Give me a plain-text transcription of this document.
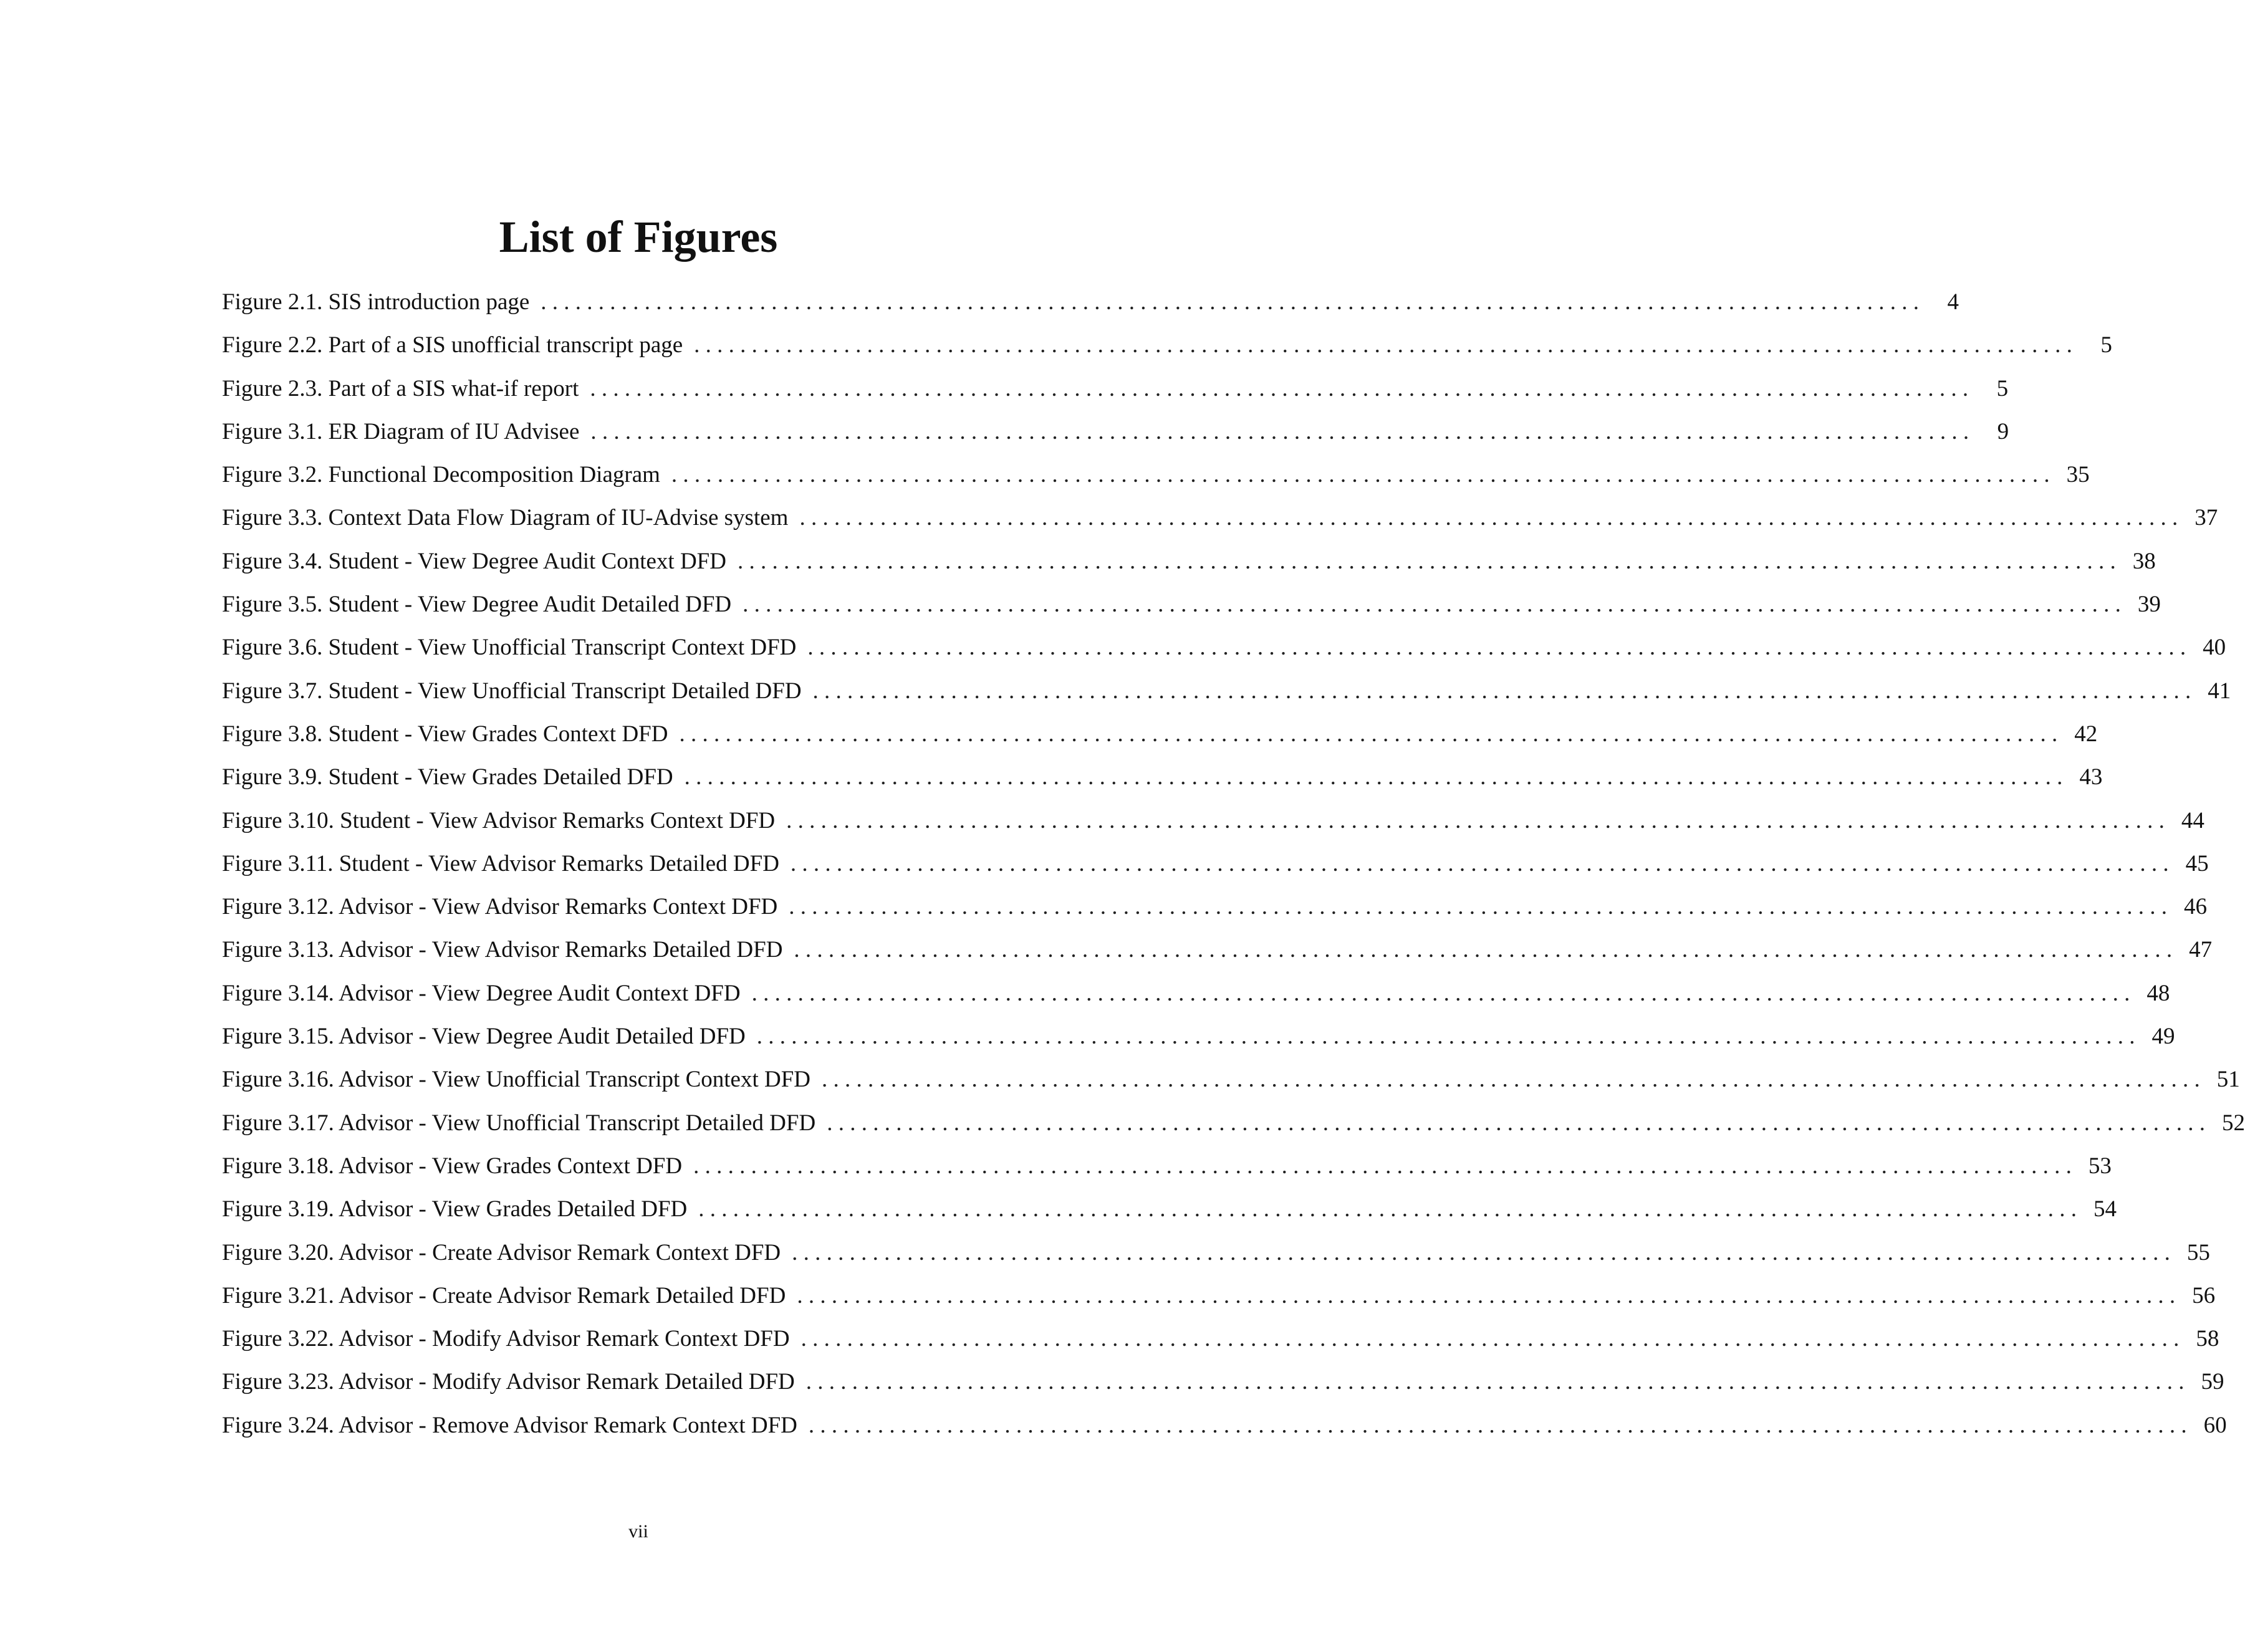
List of Figures
Figure 2.1. SIS introduction page . . . . . . . . . . . . . . . . . . . . . . . . . . . . . . . . . . . . . . . . . . . . . . . . . . . . . . . . . . . . . . . . . . . . . . . . . . . . . . . . . . . . . . . . . . . . . . . . . . . . . . . . . . . . . . . . . . . . . . . .	4
Figure 2.2. Part of a SIS unofficial transcript page . . . . . . . . . . . . . . . . . . . . . . . . . . . . . . . . . . . . . . . . . . . . . . . . . . . . . . . . . . . . . . . . . . . . . . . . . . . . . . . . . . . . . . . . . . . . . . . . . . . . . . . . . . . . . . . . . . . . . . . .	5
Figure 2.3. Part of a SIS what-if report . . . . . . . . . . . . . . . . . . . . . . . . . . . . . . . . . . . . . . . . . . . . . . . . . . . . . . . . . . . . . . . . . . . . . . . . . . . . . . . . . . . . . . . . . . . . . . . . . . . . . . . . . . . . . . . . . . . . . . . .	5
Figure 3.1. ER Diagram of IU Advisee . . . . . . . . . . . . . . . . . . . . . . . . . . . . . . . . . . . . . . . . . . . . . . . . . . . . . . . . . . . . . . . . . . . . . . . . . . . . . . . . . . . . . . . . . . . . . . . . . . . . . . . . . . . . . . . . . . . . . . . .	9
Figure 3.2. Functional Decomposition Diagram . . . . . . . . . . . . . . . . . . . . . . . . . . . . . . . . . . . . . . . . . . . . . . . . . . . . . . . . . . . . . . . . . . . . . . . . . . . . . . . . . . . . . . . . . . . . . . . . . . . . . . . . . . . . . . . . . . . . . . . . 35
Figure 3.3. Context Data Flow Diagram of IU-Advise system . . . . . . . . . . . . . . . . . . . . . . . . . . . . . . . . . . . . . . . . . . . . . . . . . . . . . . . . . . . . . . . . . . . . . . . . . . . . . . . . . . . . . . . . . . . . . . . . . . . . . . . . . . . . . . . . . . . . . . . . 37
Figure 3.4. Student - View Degree Audit Context DFD . . . . . . . . . . . . . . . . . . . . . . . . . . . . . . . . . . . . . . . . . . . . . . . . . . . . . . . . . . . . . . . . . . . . . . . . . . . . . . . . . . . . . . . . . . . . . . . . . . . . . . . . . . . . . . . . . . . . . . . . 38
Figure 3.5. Student - View Degree Audit Detailed DFD . . . . . . . . . . . . . . . . . . . . . . . . . . . . . . . . . . . . . . . . . . . . . . . . . . . . . . . . . . . . . . . . . . . . . . . . . . . . . . . . . . . . . . . . . . . . . . . . . . . . . . . . . . . . . . . . . . . . . . . . 39
Figure 3.6. Student - View Unofficial Transcript Context DFD . . . . . . . . . . . . . . . . . . . . . . . . . . . . . . . . . . . . . . . . . . . . . . . . . . . . . . . . . . . . . . . . . . . . . . . . . . . . . . . . . . . . . . . . . . . . . . . . . . . . . . . . . . . . . . . . . . . . . . . . 40
Figure 3.7. Student - View Unofficial Transcript Detailed DFD . . . . . . . . . . . . . . . . . . . . . . . . . . . . . . . . . . . . . . . . . . . . . . . . . . . . . . . . . . . . . . . . . . . . . . . . . . . . . . . . . . . . . . . . . . . . . . . . . . . . . . . . . . . . . . . . . . . . . . . . 41
Figure 3.8. Student - View Grades Context DFD . . . . . . . . . . . . . . . . . . . . . . . . . . . . . . . . . . . . . . . . . . . . . . . . . . . . . . . . . . . . . . . . . . . . . . . . . . . . . . . . . . . . . . . . . . . . . . . . . . . . . . . . . . . . . . . . . . . . . . . . 42
Figure 3.9. Student - View Grades Detailed DFD . . . . . . . . . . . . . . . . . . . . . . . . . . . . . . . . . . . . . . . . . . . . . . . . . . . . . . . . . . . . . . . . . . . . . . . . . . . . . . . . . . . . . . . . . . . . . . . . . . . . . . . . . . . . . . . . . . . . . . . . 43
Figure 3.10. Student - View Advisor Remarks Context DFD . . . . . . . . . . . . . . . . . . . . . . . . . . . . . . . . . . . . . . . . . . . . . . . . . . . . . . . . . . . . . . . . . . . . . . . . . . . . . . . . . . . . . . . . . . . . . . . . . . . . . . . . . . . . . . . . . . . . . . . . 44
Figure 3.11. Student - View Advisor Remarks Detailed DFD . . . . . . . . . . . . . . . . . . . . . . . . . . . . . . . . . . . . . . . . . . . . . . . . . . . . . . . . . . . . . . . . . . . . . . . . . . . . . . . . . . . . . . . . . . . . . . . . . . . . . . . . . . . . . . . . . . . . . . . . 45
Figure 3.12. Advisor - View Advisor Remarks Context DFD . . . . . . . . . . . . . . . . . . . . . . . . . . . . . . . . . . . . . . . . . . . . . . . . . . . . . . . . . . . . . . . . . . . . . . . . . . . . . . . . . . . . . . . . . . . . . . . . . . . . . . . . . . . . . . . . . . . . . . . . 46
Figure 3.13. Advisor - View Advisor Remarks Detailed DFD . . . . . . . . . . . . . . . . . . . . . . . . . . . . . . . . . . . . . . . . . . . . . . . . . . . . . . . . . . . . . . . . . . . . . . . . . . . . . . . . . . . . . . . . . . . . . . . . . . . . . . . . . . . . . . . . . . . . . . . . 47
Figure 3.14. Advisor - View Degree Audit Context DFD . . . . . . . . . . . . . . . . . . . . . . . . . . . . . . . . . . . . . . . . . . . . . . . . . . . . . . . . . . . . . . . . . . . . . . . . . . . . . . . . . . . . . . . . . . . . . . . . . . . . . . . . . . . . . . . . . . . . . . . . 48
Figure 3.15. Advisor - View Degree Audit Detailed DFD . . . . . . . . . . . . . . . . . . . . . . . . . . . . . . . . . . . . . . . . . . . . . . . . . . . . . . . . . . . . . . . . . . . . . . . . . . . . . . . . . . . . . . . . . . . . . . . . . . . . . . . . . . . . . . . . . . . . . . . . 49
Figure 3.16. Advisor - View Unofficial Transcript Context DFD . . . . . . . . . . . . . . . . . . . . . . . . . . . . . . . . . . . . . . . . . . . . . . . . . . . . . . . . . . . . . . . . . . . . . . . . . . . . . . . . . . . . . . . . . . . . . . . . . . . . . . . . . . . . . . . . . . . . . . . . 51
Figure 3.17. Advisor - View Unofficial Transcript Detailed DFD . . . . . . . . . . . . . . . . . . . . . . . . . . . . . . . . . . . . . . . . . . . . . . . . . . . . . . . . . . . . . . . . . . . . . . . . . . . . . . . . . . . . . . . . . . . . . . . . . . . . . . . . . . . . . . . . . . . . . . . . 52
Figure 3.18. Advisor - View Grades Context DFD . . . . . . . . . . . . . . . . . . . . . . . . . . . . . . . . . . . . . . . . . . . . . . . . . . . . . . . . . . . . . . . . . . . . . . . . . . . . . . . . . . . . . . . . . . . . . . . . . . . . . . . . . . . . . . . . . . . . . . . . 53
Figure 3.19. Advisor - View Grades Detailed DFD . . . . . . . . . . . . . . . . . . . . . . . . . . . . . . . . . . . . . . . . . . . . . . . . . . . . . . . . . . . . . . . . . . . . . . . . . . . . . . . . . . . . . . . . . . . . . . . . . . . . . . . . . . . . . . . . . . . . . . . . 54
Figure 3.20. Advisor - Create Advisor Remark Context DFD . . . . . . . . . . . . . . . . . . . . . . . . . . . . . . . . . . . . . . . . . . . . . . . . . . . . . . . . . . . . . . . . . . . . . . . . . . . . . . . . . . . . . . . . . . . . . . . . . . . . . . . . . . . . . . . . . . . . . . . . 55
Figure 3.21. Advisor - Create Advisor Remark Detailed DFD . . . . . . . . . . . . . . . . . . . . . . . . . . . . . . . . . . . . . . . . . . . . . . . . . . . . . . . . . . . . . . . . . . . . . . . . . . . . . . . . . . . . . . . . . . . . . . . . . . . . . . . . . . . . . . . . . . . . . . . . 56
Figure 3.22. Advisor - Modify Advisor Remark Context DFD . . . . . . . . . . . . . . . . . . . . . . . . . . . . . . . . . . . . . . . . . . . . . . . . . . . . . . . . . . . . . . . . . . . . . . . . . . . . . . . . . . . . . . . . . . . . . . . . . . . . . . . . . . . . . . . . . . . . . . . . 58
Figure 3.23. Advisor - Modify Advisor Remark Detailed DFD . . . . . . . . . . . . . . . . . . . . . . . . . . . . . . . . . . . . . . . . . . . . . . . . . . . . . . . . . . . . . . . . . . . . . . . . . . . . . . . . . . . . . . . . . . . . . . . . . . . . . . . . . . . . . . . . . . . . . . . . 59
Figure 3.24. Advisor - Remove Advisor Remark Context DFD . . . . . . . . . . . . . . . . . . . . . . . . . . . . . . . . . . . . . . . . . . . . . . . . . . . . . . . . . . . . . . . . . . . . . . . . . . . . . . . . . . . . . . . . . . . . . . . . . . . . . . . . . . . . . . . . . . . . . . . . 60
vii
